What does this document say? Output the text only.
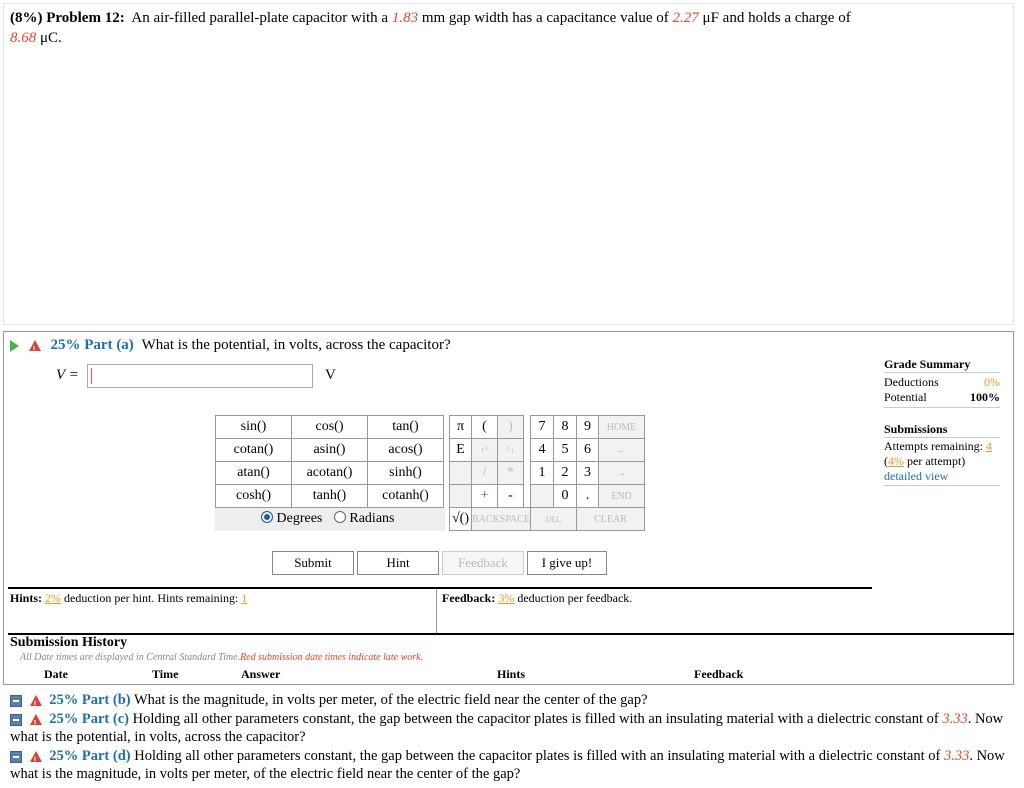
(8%) Problem 12: An air-filled parallel-plate capacitor with a 1.83 mm gap width has a capacitance value of 2.27 μF and holds a charge of
8.68 μC.
! 25% Part (a) What is the potential, in volts, across the capacitor?
V =	V
sin()	cos()	tan()
cotan()	asin()	acos()
atan()	acotan()	sinh()
cosh()	tanh()	cotanh()
Degrees Radians
π	(	)		7	8	9	HOME
E	↑^	^↓		4	5	6	←
	/	*		1	2	3	→
	+	-			0	.	END
√()	BACKSPACE			DEL		CLEAR	
Submit	Hint	Feedback	I give up!
Grade Summary
Deductions	0%
Potential	100%
Submissions
Attempts remaining: 4
(4% per attempt)
detailed view
Hints: 2% deduction per hint. Hints remaining: 1	Feedback: 3% deduction per feedback.
Submission History
All Date times are displayed in Central Standard Time.Red submission date times indicate late work.
Date	Time	Answer	Hints	Feedback
! 25% Part (b) What is the magnitude, in volts per meter, of the electric field near the center of the gap?
! 25% Part (c) Holding all other parameters constant, the gap between the capacitor plates is filled with an insulating material with a dielectric constant of 3.33. Now what is the potential, in volts, across the capacitor?
! 25% Part (d) Holding all other parameters constant, the gap between the capacitor plates is filled with an insulating material with a dielectric constant of 3.33. Now what is the magnitude, in volts per meter, of the electric field near the center of the gap?
